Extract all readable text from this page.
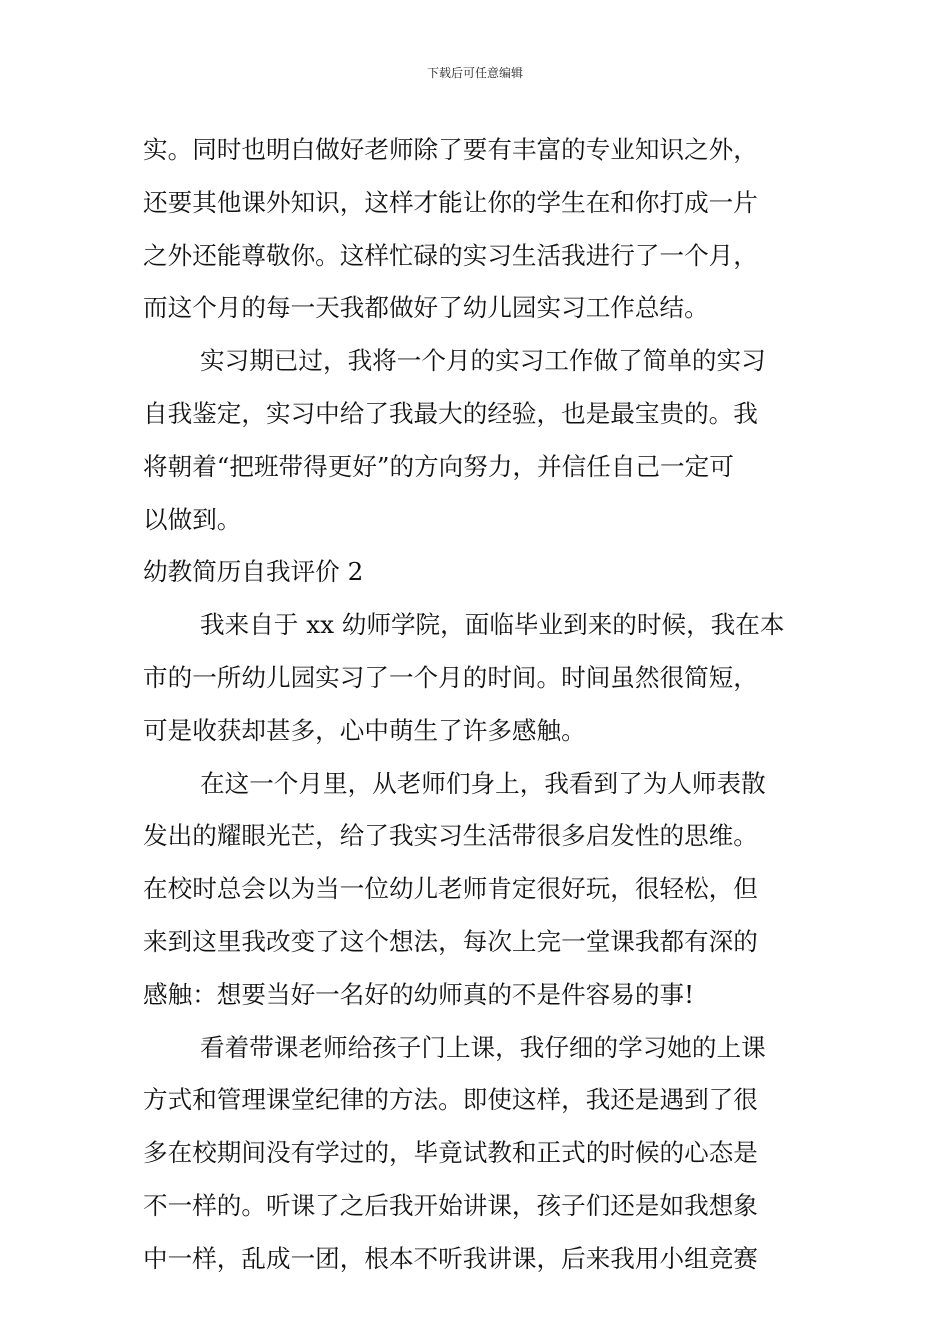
下载后可任意编辑
实。同时也明白做好老师除了要有丰富的专业知识之外，
还要其他课外知识，这样才能让你的学生在和你打成一片
之外还能尊敬你。这样忙碌的实习生活我进行了一个月，
而这个月的每一天我都做好了幼儿园实习工作总结。
实习期已过，我将一个月的实习工作做了简单的实习
自我鉴定，实习中给了我最大的经验，也是最宝贵的。我
将朝着“把班带得更好”的方向努力，并信任自己一定可
以做到。
幼教简历自我评价 2
我来自于 xx 幼师学院，面临毕业到来的时候，我在本
市的一所幼儿园实习了一个月的时间。时间虽然很简短，
可是收获却甚多，心中萌生了许多感触。
在这一个月里，从老师们身上，我看到了为人师表散
发出的耀眼光芒，给了我实习生活带很多启发性的思维。
在校时总会以为当一位幼儿老师肯定很好玩，很轻松，但
来到这里我改变了这个想法，每次上完一堂课我都有深的
感触：想要当好一名好的幼师真的不是件容易的事!
看着带课老师给孩子门上课，我仔细的学习她的上课
方式和管理课堂纪律的方法。即使这样，我还是遇到了很
多在校期间没有学过的，毕竟试教和正式的时候的心态是
不一样的。听课了之后我开始讲课，孩子们还是如我想象
中一样，乱成一团，根本不听我讲课，后来我用小组竞赛
